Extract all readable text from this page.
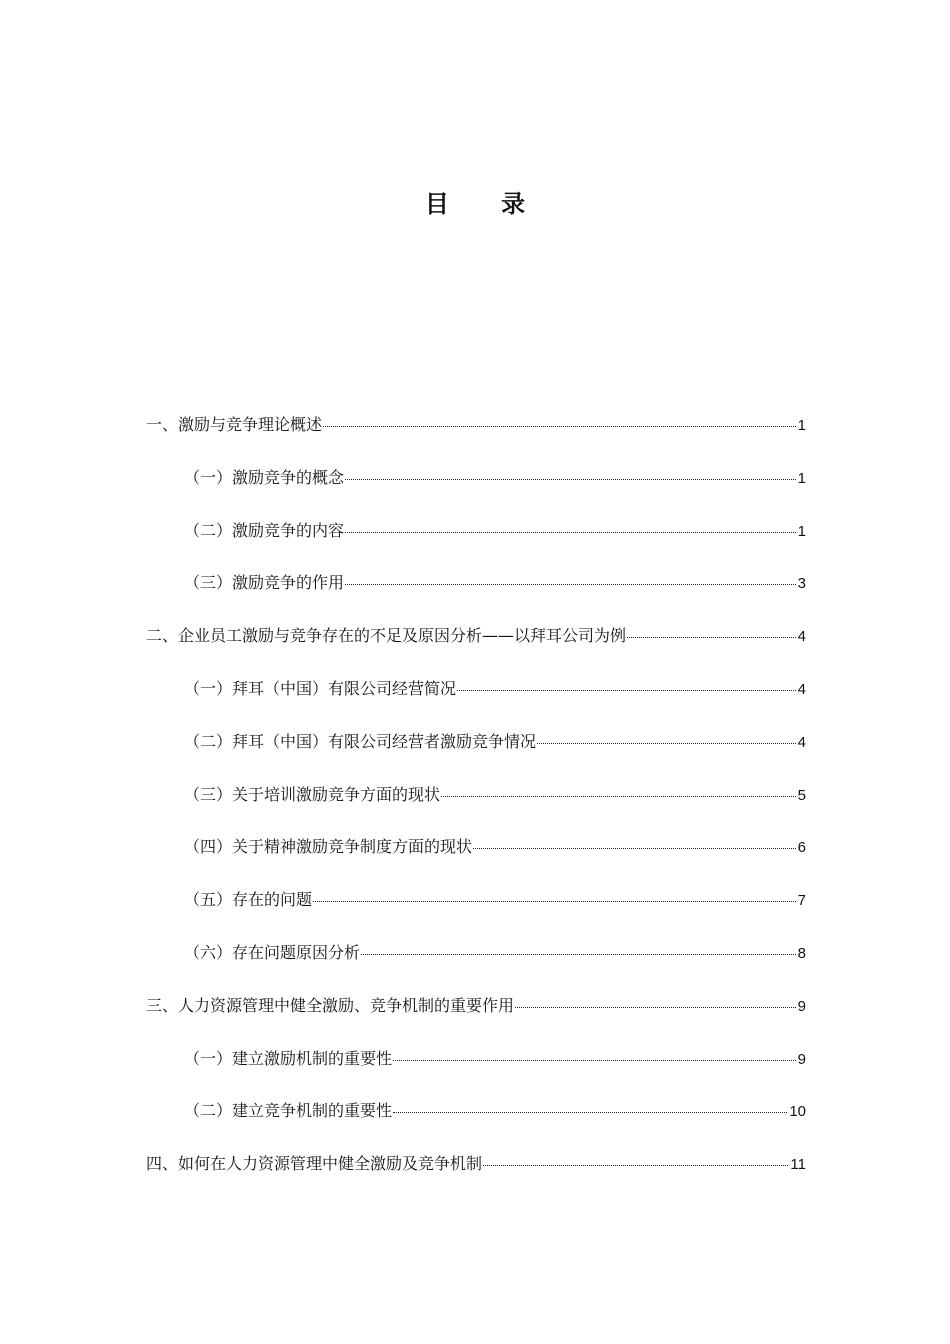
目 录
一、激励与竞争理论概述	1
（一）激励竞争的概念	1
（二）激励竞争的内容	1
（三）激励竞争的作用	3
二、企业员工激励与竞争存在的不足及原因分析——以拜耳公司为例	4
（一）拜耳（中国）有限公司经营简况	4
（二）拜耳（中国）有限公司经营者激励竞争情况	4
（三）关于培训激励竞争方面的现状	5
（四）关于精神激励竞争制度方面的现状	6
（五）存在的问题	7
（六）存在问题原因分析	8
三、人力资源管理中健全激励、竞争机制的重要作用	9
（一）建立激励机制的重要性	9
（二）建立竞争机制的重要性	10
四、如何在人力资源管理中健全激励及竞争机制	11
